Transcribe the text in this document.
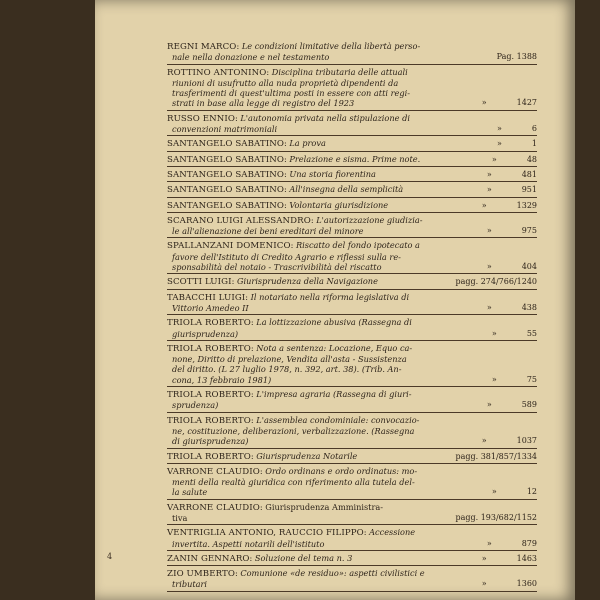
REGNI MARCO: Le condizioni limitative della libertà perso-
nale nella donazione e nel testamento	Pag. 1388
ROTTINO ANTONINO: Disciplina tributaria delle attuali
riunioni di usufrutto alla nuda proprietà dipendenti da
trasferimenti di quest'ultima posti in essere con atti regi-
strati in base alla legge di registro del 1923	»	1427
RUSSO ENNIO: L'autonomia privata nella stipulazione di
convenzioni matrimoniali	»	6
SANTANGELO SABATINO: La prova	»	1
SANTANGELO SABATINO: Prelazione e sisma. Prime note.	»	48
SANTANGELO SABATINO: Una storia fiorentina	»	481
SANTANGELO SABATINO: All'insegna della semplicità	»	951
SANTANGELO SABATINO: Volontaria giurisdizione	»	1329
SCARANO LUIGI ALESSANDRO: L'autorizzazione giudizia-
le all'alienazione dei beni ereditari del minore	»	975
SPALLANZANI DOMENICO: Riscatto del fondo ipotecato a
favore dell'Istituto di Credito Agrario e riflessi sulla re-
sponsabilità del notaio - Trascrivibilità del riscatto	»	404
SCOTTI LUIGI: Giurisprudenza della Navigazione	pagg. 274/766/1240
TABACCHI LUIGI: Il notariato nella riforma legislativa di
Vittorio Amedeo II	»	438
TRIOLA ROBERTO: La lottizzazione abusiva (Rassegna di
giurisprudenza)	»	55
TRIOLA ROBERTO: Nota a sentenza: Locazione, Equo ca-
none, Diritto di prelazione, Vendita all'asta - Sussistenza
del diritto. (L 27 luglio 1978, n. 392, art. 38). (Trib. An-
cona, 13 febbraio 1981)	»	75
TRIOLA ROBERTO: L'impresa agraria (Rassegna di giuri-
sprudenza)	»	589
TRIOLA ROBERTO: L'assemblea condominiale: convocazio-
ne, costituzione, deliberazioni, verbalizzazione. (Rassegna
di giurisprudenza)	»	1037
TRIOLA ROBERTO: Giurisprudenza Notarile	pagg. 381/857/1334
VARRONE CLAUDIO: Ordo ordinans e ordo ordinatus: mo-
menti della realtà giuridica con riferimento alla tutela del-
la salute	»	12
VARRONE CLAUDIO: Giurisprudenza Amministra-
tiva	pagg. 193/682/1152
VENTRIGLIA ANTONIO, RAUCCIO FILIPPO: Accessione
invertita. Aspetti notarili dell'istituto	»	879
ZANIN GENNARO: Soluzione del tema n. 3	»	1463
ZIO UMBERTO: Comunione «de residuo»: aspetti civilistici e
tributari	»	1360
4
